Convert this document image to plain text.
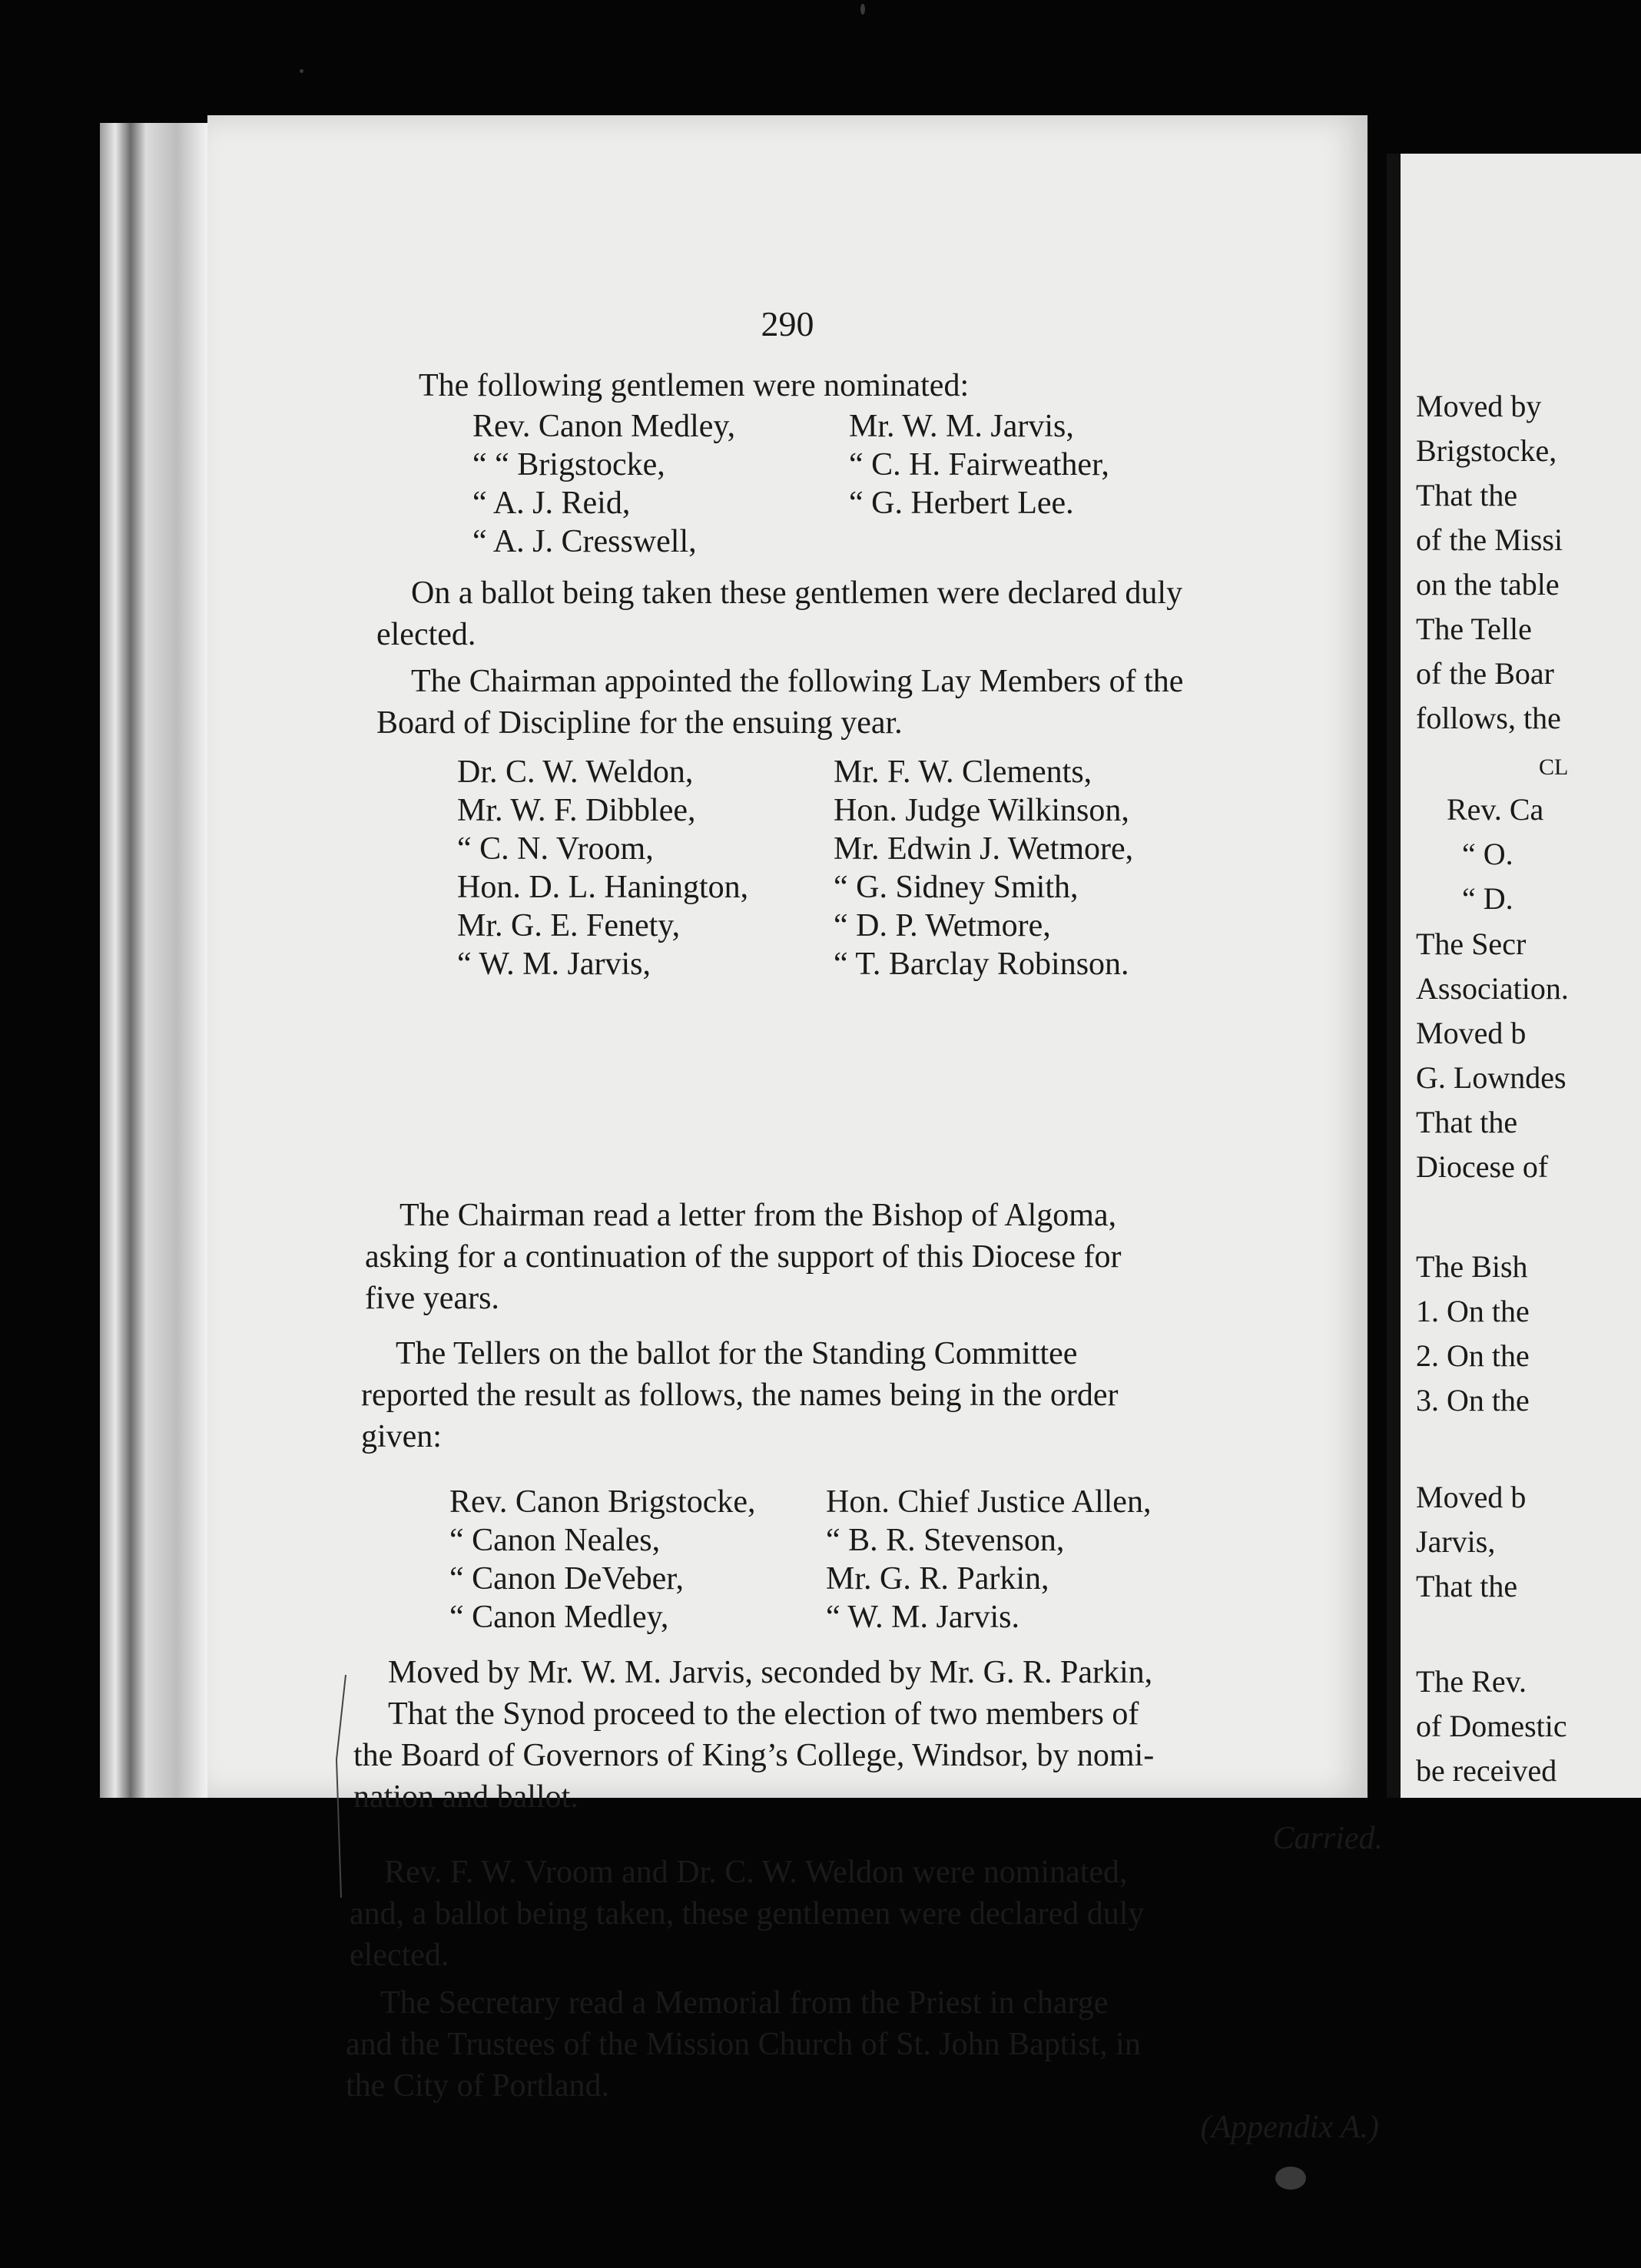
290
The following gentlemen were nominated:
Rev. Canon Medley,
“ “ Brigstocke,
“ A. J. Reid,
“ A. J. Cresswell,
Mr. W. M. Jarvis,
“ C. H. Fairweather,
“ G. Herbert Lee.
On a ballot being taken these gentlemen were declared duly
elected.
The Chairman appointed the following Lay Members of the
Board of Discipline for the ensuing year.
Dr. C. W. Weldon,
Mr. W. F. Dibblee,
“ C. N. Vroom,
Hon. D. L. Hanington,
Mr. G. E. Fenety,
“ W. M. Jarvis,
Mr. F. W. Clements,
Hon. Judge Wilkinson,
Mr. Edwin J. Wetmore,
“ G. Sidney Smith,
“ D. P. Wetmore,
“ T. Barclay Robinson.
The Chairman read a letter from the Bishop of Algoma,
asking for a continuation of the support of this Diocese for
five years.
The Tellers on the ballot for the Standing Committee
reported the result as follows, the names being in the order
given:
Rev. Canon Brigstocke,
“ Canon Neales,
“ Canon DeVeber,
“ Canon Medley,
Hon. Chief Justice Allen,
“ B. R. Stevenson,
Mr. G. R. Parkin,
“ W. M. Jarvis.
Moved by Mr. W. M. Jarvis, seconded by Mr. G. R. Parkin,
That the Synod proceed to the election of two members of
the Board of Governors of King’s College, Windsor, by nomi-
nation and ballot.
Carried.
Rev. F. W. Vroom and Dr. C. W. Weldon were nominated,
and, a ballot being taken, these gentlemen were declared duly
elected.
The Secretary read a Memorial from the Priest in charge
and the Trustees of the Mission Church of St. John Baptist, in
the City of Portland.
(Appendix A.)
Moved by
Brigstocke,
That the
of the Missi
on the table
The Telle
of the Boar
follows, the
CL
Rev. Ca
“ O.
“ D.
The Secr
Association.
Moved b
G. Lowndes
That the
Diocese of
The Bish
1. On the
2. On the
3. On the
Moved b
Jarvis,
That the
The Rev.
of Domestic
be received
